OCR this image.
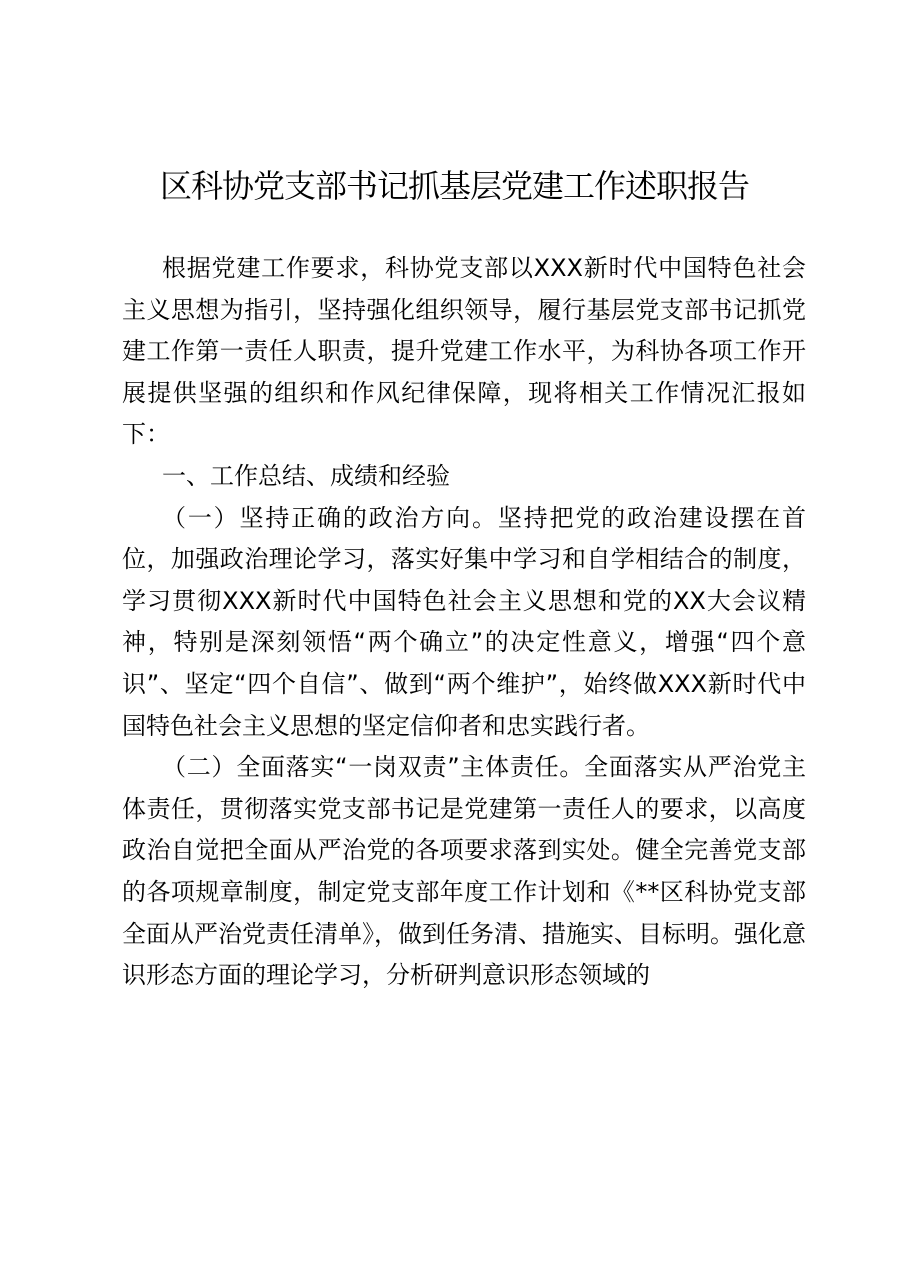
区科协党支部书记抓基层党建工作述职报告

根据党建工作要求，科协党支部以XXX新时代中国特色社会主义思想为指引，坚持强化组织领导，履行基层党支部书记抓党建工作第一责任人职责，提升党建工作水平，为科协各项工作开展提供坚强的组织和作风纪律保障，现将相关工作情况汇报如下：

一、工作总结、成绩和经验

（一）坚持正确的政治方向。坚持把党的政治建设摆在首位，加强政治理论学习，落实好集中学习和自学相结合的制度，学习贯彻XXX新时代中国特色社会主义思想和党的XX大会议精神，特别是深刻领悟“两个确立”的决定性意义，增强“四个意识”、坚定“四个自信”、做到“两个维护”，始终做XXX新时代中国特色社会主义思想的坚定信仰者和忠实践行者。

（二）全面落实“一岗双责”主体责任。全面落实从严治党主体责任，贯彻落实党支部书记是党建第一责任人的要求，以高度政治自觉把全面从严治党的各项要求落到实处。健全完善党支部的各项规章制度，制定党支部年度工作计划和《**区科协党支部全面从严治党责任清单》，做到任务清、措施实、目标明。强化意识形态方面的理论学习，分析研判意识形态领域的
